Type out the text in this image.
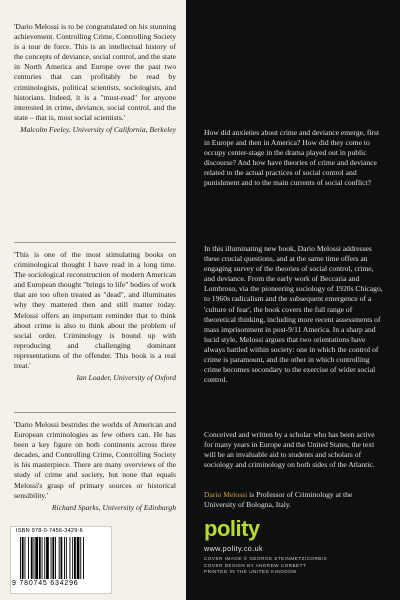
'Dario Melossi is to be congratulated on his stunning achievement. Controlling Crime, Controlling Society is a tour de force. This is an intellectual history of the concepts of deviance, social control, and the state in North America and Europe over the past two centuries that can profitably be read by criminologists, political scientists, sociologists, and historians. Indeed, it is a "must-read" for anyone interested in crime, deviance, social control, and the state – that is, most social scientists.'
Malcolm Feeley, University of California, Berkeley
'This is one of the most stimulating books on criminological thought I have read in a long time. The sociological reconstruction of modern American and European thought "brings to life" bodies of work that are too often treated as "dead", and illuminates why they mattered then and still matter today. Melossi offers an important reminder that to think about crime is also to think about the problem of social order. Criminology is bound up with reproducing and challenging dominant representations of the offender. This book is a real treat.'
Ian Loader, University of Oxford
'Dario Melossi bestrides the worlds of American and European criminologies as few others can. He has been a key figure on both continents across three decades, and Controlling Crime, Controlling Society is his masterpiece. There are many overviews of the study of crime and society, but none that equals Melossi's grasp of primary sources or historical sensibility.'
Richard Sparks, University of Edinburgh
ISBN 978-0-7456-3429-6
9 780745 634296
How did anxieties about crime and deviance emerge, first in Europe and then in America? How did they come to occupy center-stage in the drama played out in public discourse? And how have theories of crime and deviance related to the actual practices of social control and punishment and to the main currents of social conflict?
In this illuminating new book, Dario Melossi addresses these crucial questions, and at the same time offers an engaging survey of the theories of social control, crime, and deviance. From the early work of Beccaria and Lombroso, via the pioneering sociology of 1920s Chicago, to 1960s radicalism and the subsequent emergence of a 'culture of fear', the book covers the full range of theoretical thinking, including more recent assessments of mass imprisonment in post-9/11 America. In a sharp and lucid style, Melossi argues that two orientations have always battled within society: one in which the control of crime is paramount, and the other in which controlling crime becomes secondary to the exercise of wider social control.
Conceived and written by a scholar who has been active for many years in Europe and the United States, the text will be an invaluable aid to students and scholars of sociology and criminology on both sides of the Atlantic.
Dario Melossi is Professor of Criminology at the University of Bologna, Italy.
polity
www.polity.co.uk
COVER IMAGE © GEORGE STEINMETZ/CORBIS
COVER DESIGN BY ANDREW CORBETT
PRINTED IN THE UNITED KINGDOM
